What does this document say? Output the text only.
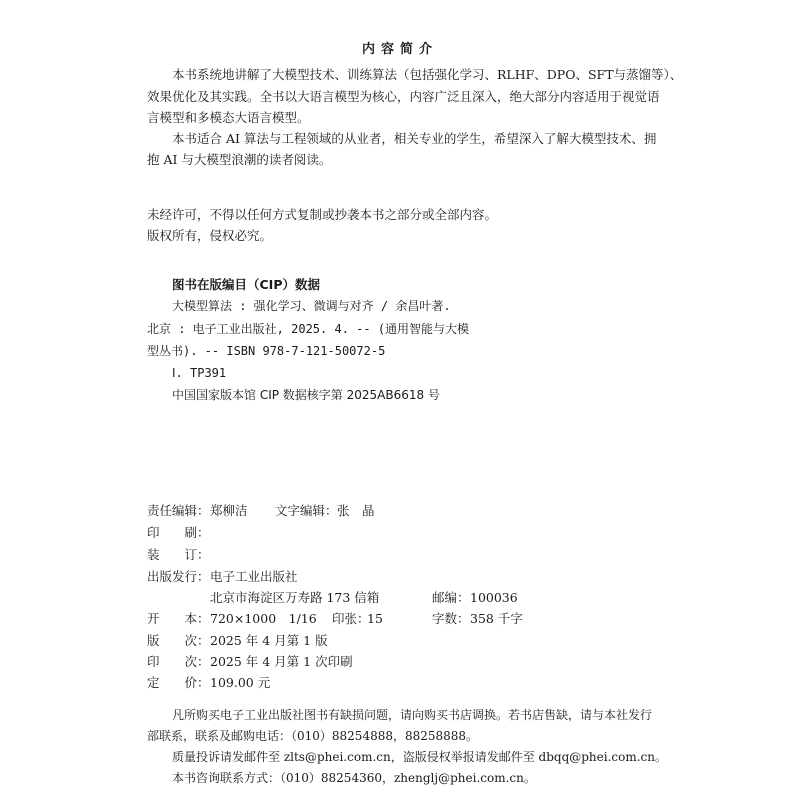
内容简介
本书系统地讲解了大模型技术、训练算法（包括强化学习、RLHF、DPO、SFT与蒸馏等）、
效果优化及其实践。全书以大语言模型为核心，内容广泛且深入，绝大部分内容适用于视觉语
言模型和多模态大语言模型。
本书适合 AI 算法与工程领域的从业者，相关专业的学生，希望深入了解大模型技术、拥
抱 AI 与大模型浪潮的读者阅读。
未经许可，不得以任何方式复制或抄袭本书之部分或全部内容。
版权所有，侵权必究。
图书在版编目（CIP）数据
大模型算法 : 强化学习、微调与对齐 / 余昌叶著.
北京 : 电子工业出版社, 2025. 4. -- (通用智能与大模
型丛书). -- ISBN 978-7-121-50072-5
Ⅰ. TP391
中国国家版本馆 CIP 数据核字第 2025AB6618 号
责任编辑： 郑柳洁 文字编辑： 张　晶
印　　刷：
装　　订：
出版发行： 电子工业出版社
北京市海淀区万寿路 173 信箱	邮编： 100036
开　　本： 720×1000　1/16 印张：
15	字数： 358 千字
版　　次： 2025 年 4 月第 1 版
印　　次： 2025 年 4 月第 1 次印刷
定　　价： 109.00 元
凡所购买电子工业出版社图书有缺损问题，请向购买书店调换。若书店售缺，请与本社发行
部联系，联系及邮购电话：（010）88254888，88258888。
质量投诉请发邮件至 zlts@phei.com.cn，盗版侵权举报请发邮件至 dbqq@phei.com.cn。
本书咨询联系方式：（010）88254360，zhenglj@phei.com.cn。
